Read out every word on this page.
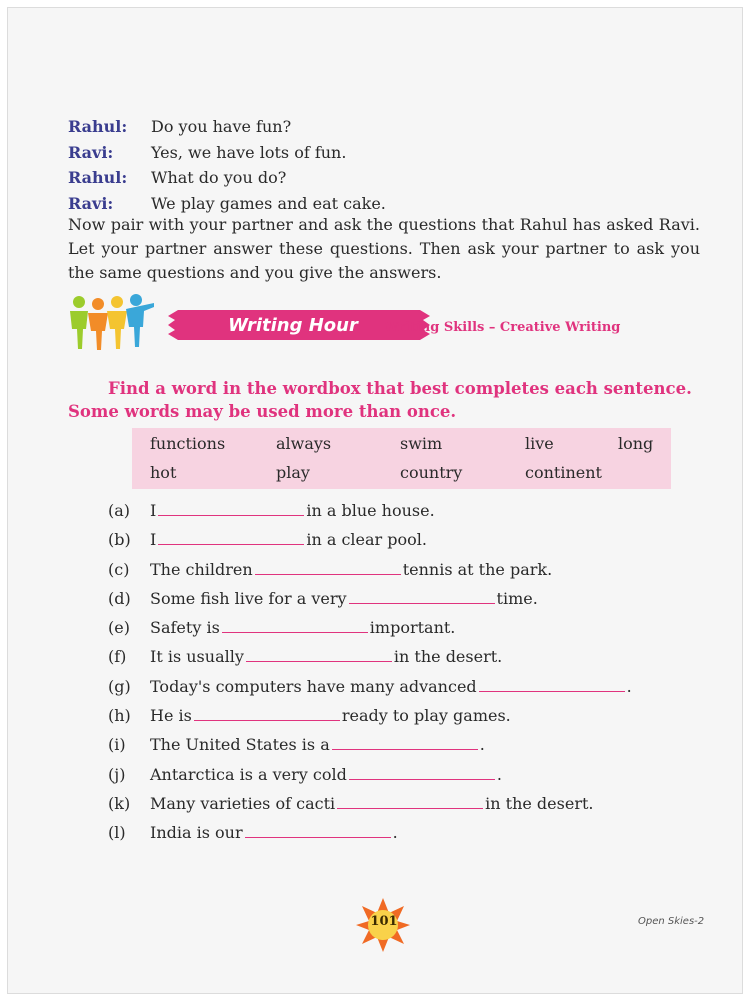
Rahul:	Do you have fun?
Ravi:	Yes, we have lots of fun.
Rahul:	What do you do?
Ravi:	We play games and eat cake.
Now pair with your partner and ask the questions that Rahul has asked Ravi. Let your partner answer these questions. Then ask your partner to ask you the same questions and you give the answers.
Writing Hour	Writing Skills – Creative Writing
Find a word in the wordbox that best completes each sentence. Some words may be used more than once.
functions	always	swim	live	long
hot	play	country	continent
(a)	I	in a blue house.
(b)	I	in a clear pool.
(c)	The children	tennis at the park.
(d)	Some fish live for a very	time.
(e)	Safety is	important.
(f)	It is usually	in the desert.
(g)	Today's computers have many advanced	.
(h)	He is	ready to play games.
(i)	The United States is a	.
(j)	Antarctica is a very cold	.
(k)	Many varieties of cacti	in the desert.
(l)	India is our	.
101	Open Skies-2
